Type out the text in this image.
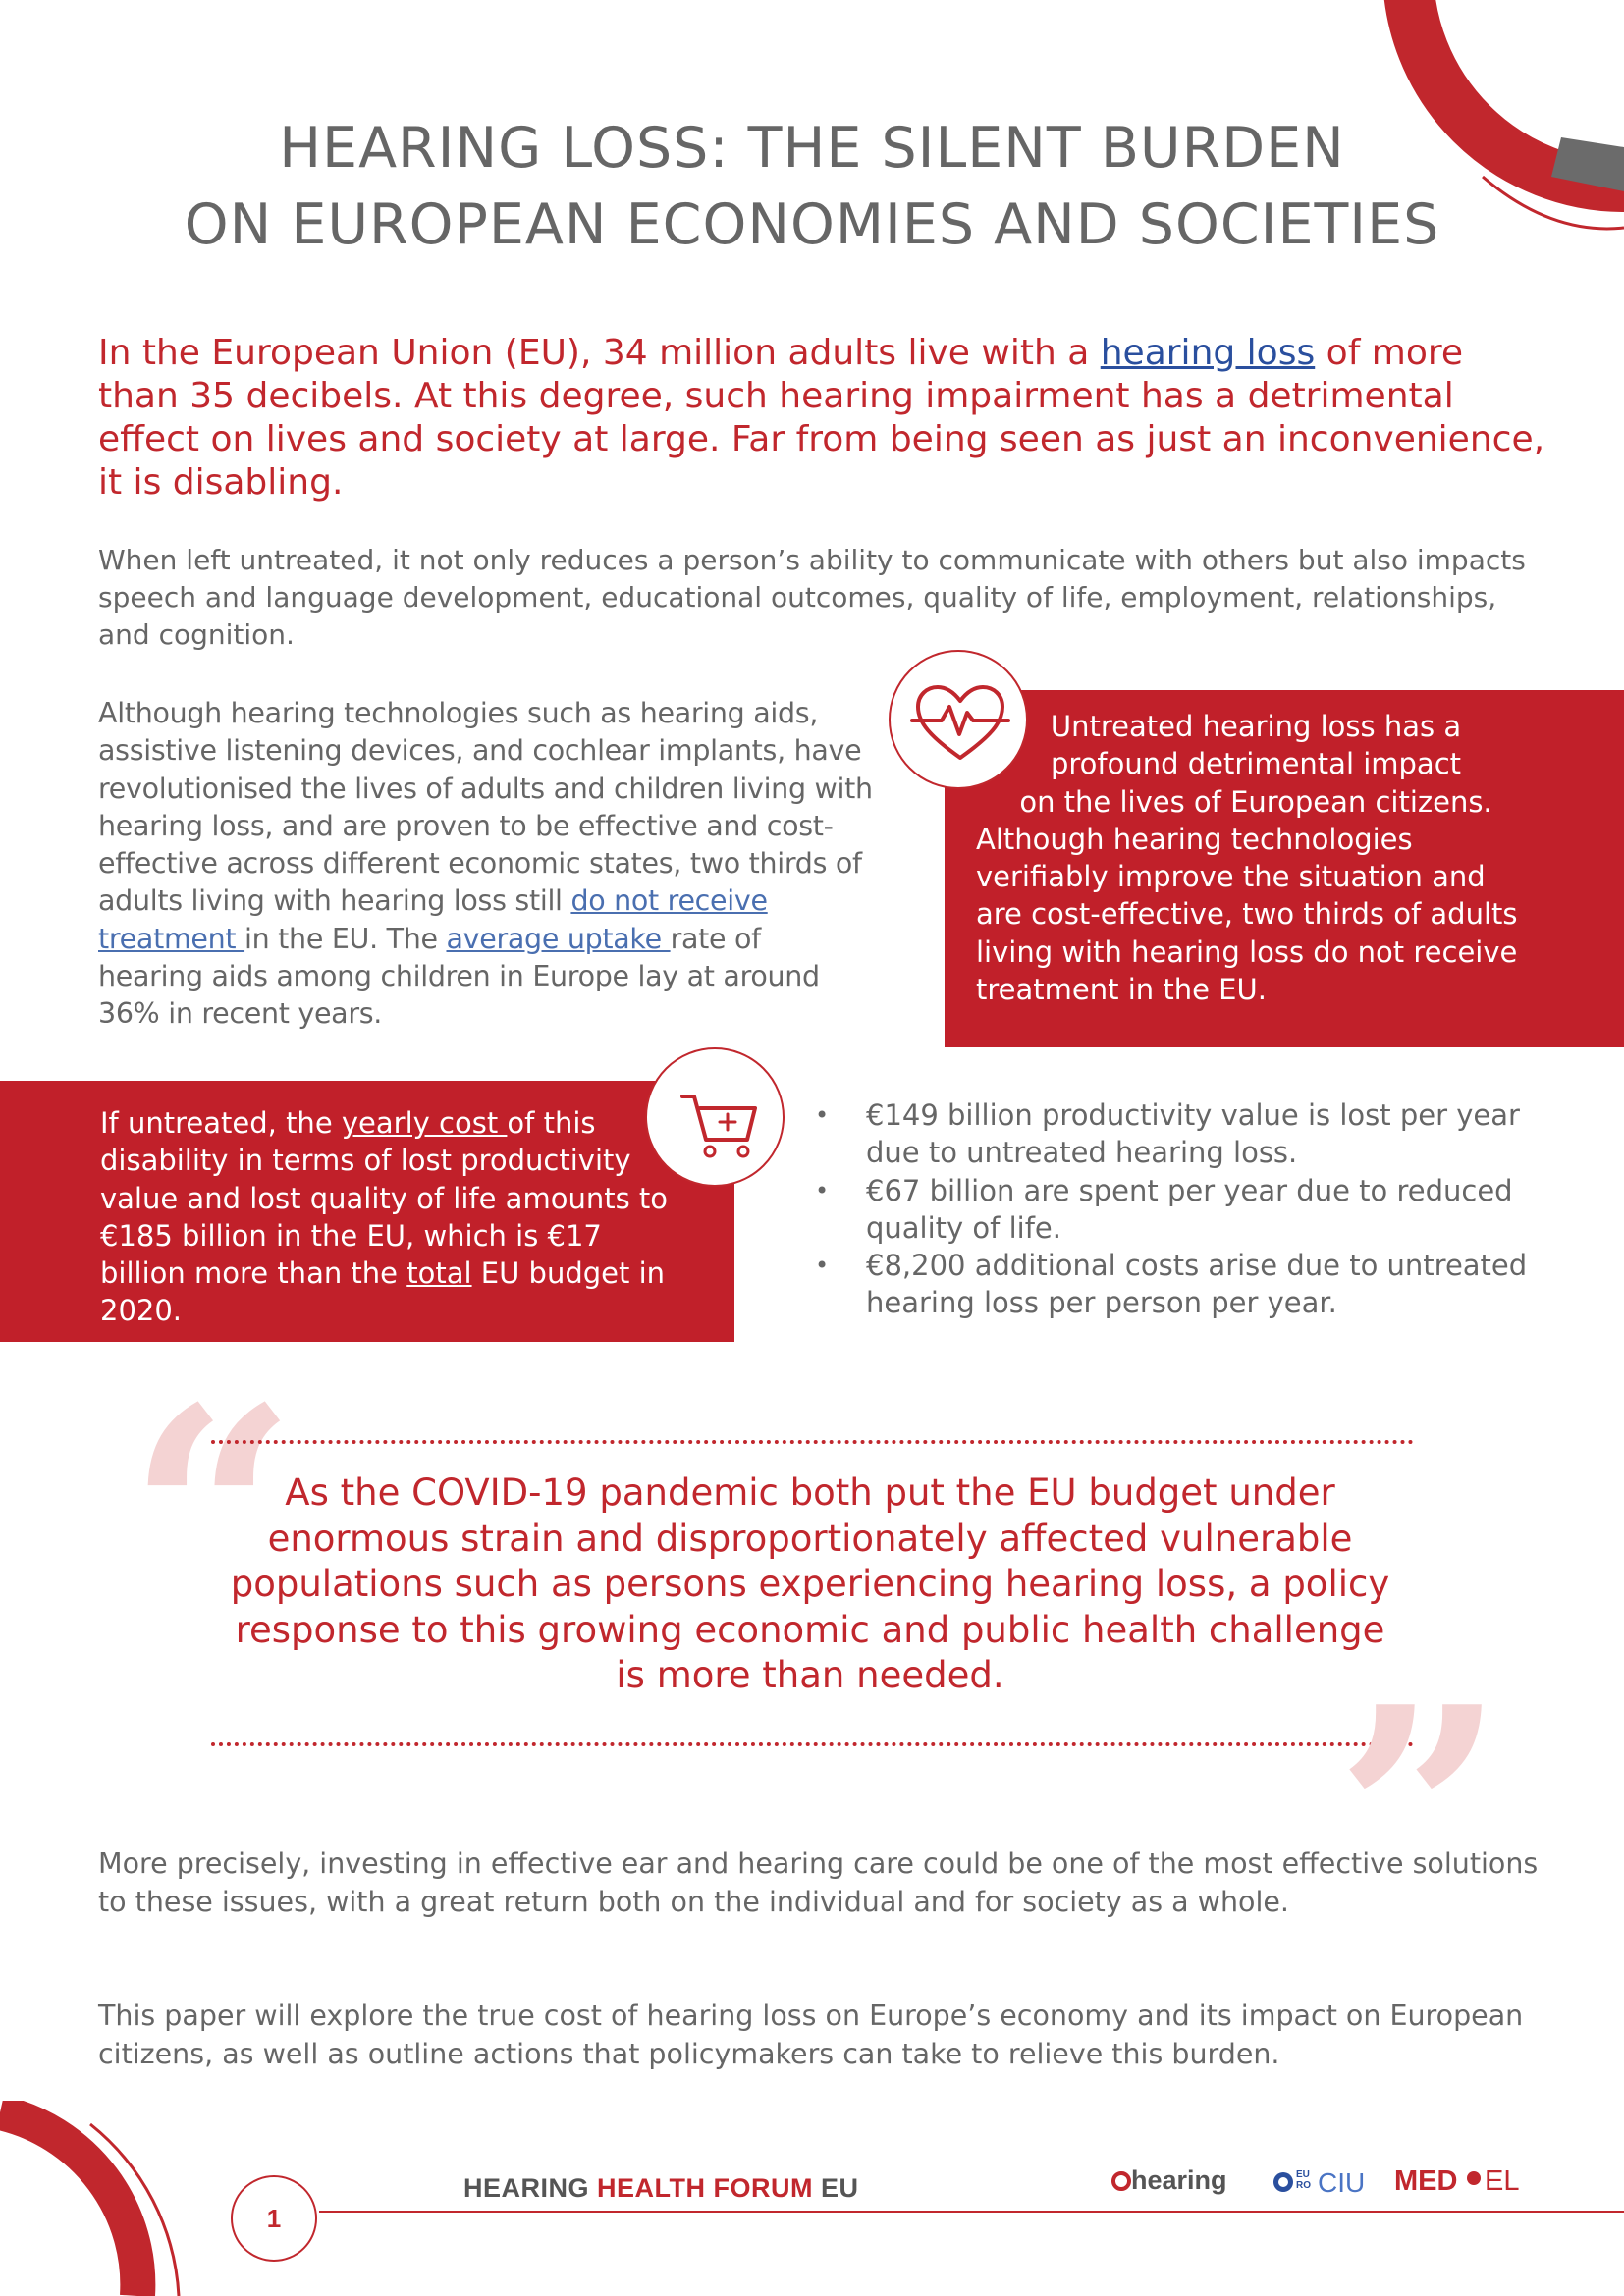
HEARING LOSS: THE SILENT BURDEN
ON EUROPEAN ECONOMIES AND SOCIETIES

In the European Union (EU), 34 million adults live with a hearing loss of more than 35 decibels. At this degree, such hearing impairment has a detrimental effect on lives and society at large. Far from being seen as just an inconvenience, it is disabling.

When left untreated, it not only reduces a person’s ability to communicate with others but also impacts speech and language development, educational outcomes, quality of life, employment, relationships, and cognition.

Although hearing technologies such as hearing aids, assistive listening devices, and cochlear implants, have revolutionised the lives of adults and children living with hearing loss, and are proven to be effective and cost-effective across different economic states, two thirds of adults living with hearing loss still do not receive treatment in the EU. The average uptake rate of hearing aids among children in Europe lay at around 36% in recent years.

Untreated hearing loss has a
profound detrimental impact
on the lives of European citizens.
Although hearing technologies verifiably improve the situation and are cost-effective, two thirds of adults living with hearing loss do not receive treatment in the EU.
If untreated, the yearly cost of this disability in terms of lost productivity value and lost quality of life amounts to €185 billion in the EU, which is €17 billion more than the total EU budget in 2020.
• €149 billion productivity value is lost per year due to untreated hearing loss.
• €67 billion are spent per year due to reduced quality of life.
• €8,200 additional costs arise due to untreated hearing loss per person per year.
“

As the COVID-19 pandemic both put the EU budget under enormous strain and disproportionately affected vulnerable populations such as persons experiencing hearing loss, a policy response to this growing economic and public health challenge is more than needed.	”

More precisely, investing in effective ear and hearing care could be one of the most effective solutions to these issues, with a great return both on the individual and for society as a whole.

This paper will explore the true cost of hearing loss on Europe’s economy and its impact on European citizens, as well as outline actions that policymakers can take to relieve this burden.

1
HEARING HEALTH FORUM EU	hearing	EU RO CIU MED EL
